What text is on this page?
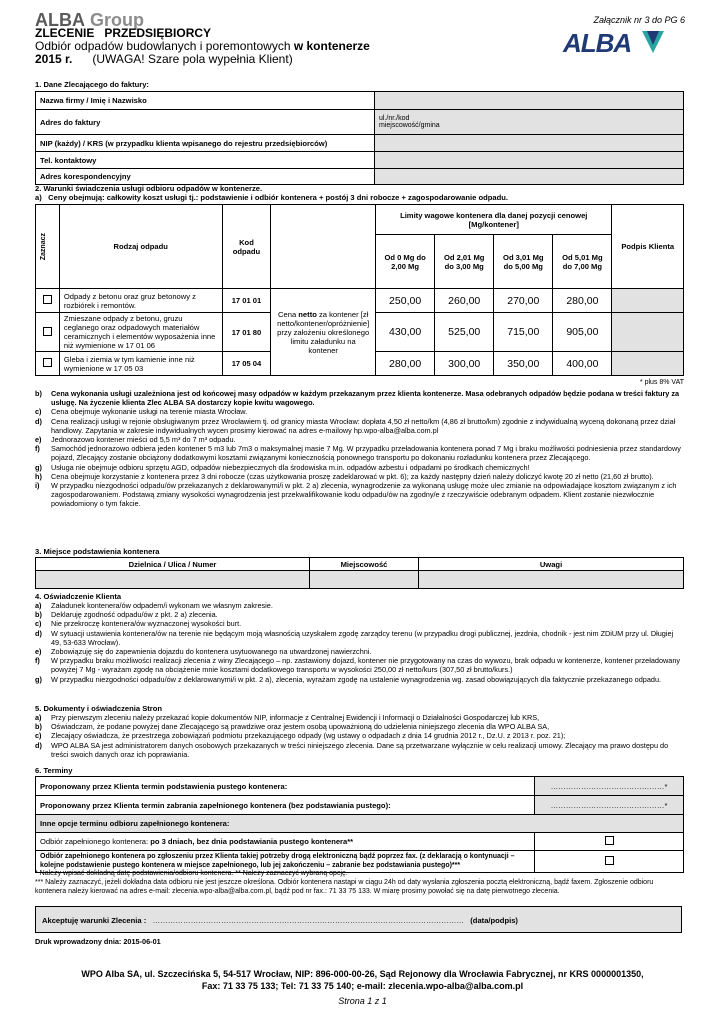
ALBA Group	Załącznik nr 3 do PG 6
ZLECENIE PRZEDSIĘBIORCY
Odbiór odpadów budowlanych i poremontowych w kontenerze
2015 r. (UWAGA! Szare pola wypełnia Klient)
ALBA
1. Dane Zlecającego do faktury:
Nazwa firmy / Imię i Nazwisko	
Adres do faktury	ul./nr./kod
miejscowość/gmina

NIP (każdy) / KRS (w przypadku klienta wpisanego do rejestru przedsiębiorców)	
Tel. kontaktowy	
Adres korespondencyjny	
2. Warunki świadczenia usługi odbioru odpadów w kontenerze.
a) Ceny obejmują: całkowity koszt usługi tj.: podstawienie i odbiór kontenera + postój 3 dni robocze + zagospodarowanie odpadu.
Zaznacz	Rodzaj odpadu	Kod odpadu		Limity wagowe kontenera dla danej pozycji cenowej [Mg/kontener]				Podpis Klienta
				Od 0 Mg do 2,00 Mg	Od 2,01 Mg do 3,00 Mg	Od 3,01 Mg do 5,00 Mg	Od 5,01 Mg do 7,00 Mg	
	Odpady z betonu oraz gruz betonowy z rozbiórek i remontów.	17 01 01	Cena netto za kontener [zł netto/kontener/opróżnienie] przy założeniu określonego limitu załadunku na kontener	250,00	260,00	270,00	280,00	
	Zmieszane odpady z betonu, gruzu ceglanego oraz odpadowych materiałów ceramicznych i elementów wyposażenia inne niż wymienione w 17 01 06	17 01 80		430,00	525,00	715,00	905,00	
	Gleba i ziemia w tym kamienie inne niż wymienione w 17 05 03	17 05 04		280,00	300,00	350,00	400,00	
* plus 8% VAT
b)	Cena wykonania usługi uzależniona jest od końcowej masy odpadów w każdym przekazanym przez klienta kontenerze. Masa odebranych odpadów będzie podana w treści faktury za usługę. Na życzenie klienta Zlec ALBA SA dostarczy kopie kwitu wagowego.
c)	Cena obejmuje wykonanie usługi na terenie miasta Wrocław.
d)	Cena realizacji usługi w rejonie obsługiwanym przez Wrocławiem tj. od granicy miasta Wrocław: dopłata 4,50 zł netto/km (4,86 zł brutto/km) zgodnie z indywidualną wyceną dokonaną przez dział handlowy. Zapytania w zakresie indywidualnych wycen prosimy kierować na adres e-mailowy hp.wpo-alba@alba.com.pl
e)	Jednorazowo kontener mieści od 5,5 m³ do 7 m³ odpadu.
f)	Samochód jednorazowo odbiera jeden kontener 5 m3 lub 7m3 o maksymalnej masie 7 Mg. W przypadku przeładowania kontenera ponad 7 Mg i braku możliwości podniesienia przez standardowy pojazd, Zlecający zostanie obciążony dodatkowymi kosztami związanymi koniecznością ponownego transportu po dokonaniu rozładunku kontenera przez Zlecającego.
g)	Usługa nie obejmuje odbioru sprzętu AGD, odpadów niebezpiecznych dla środowiska m.in. odpadów azbestu i odpadami po środkach chemicznych!
h)	Cena obejmuje korzystanie z kontenera przez 3 dni robocze (czas użytkowania proszę zadeklarować w pkt. 6); za każdy następny dzień należy doliczyć kwotę 20 zł netto (21,60 zł brutto).
i)	W przypadku niezgodności odpadu/ów przekazanych z deklarowanymi/i w pkt. 2 a) zlecenia, wynagrodzenie za wykonaną usługę może ulec zmianie na odpowiadające kosztom związanym z ich zagospodarowaniem. Podstawą zmiany wysokości wynagrodzenia jest przekwalifikowanie kodu odpadu/ów na zgodny/e z rzeczywiście odebranym odpadem. Klient zostanie niezwłocznie powiadomiony o tym fakcie.
3. Miejsce podstawienia kontenera
Dzielnica / Ulica / Numer	Miejscowość	Uwagi

4. Oświadczenie Klienta
a)	Załadunek kontenera/ów odpadem/i wykonam we własnym zakresie.
b)	Deklaruję zgodność odpadu/ów z pkt. 2 a) zlecenia.
c)	Nie przekroczę kontenera/ów wyznaczonej wysokości burt.
d)	W sytuacji ustawienia kontenera/ów na terenie nie będącym moją własnością uzyskałem zgodę zarządcy terenu (w przypadku drogi publicznej, jezdnia, chodnik - jest nim ZDiUM przy ul. Długiej 49, 53-633 Wrocław).
e)	Zobowiązuję się do zapewnienia dojazdu do kontenera usytuowanego na utwardzonej nawierzchni.
f)	W przypadku braku możliwości realizacji zlecenia z winy Zlecającego – np. zastawiony dojazd, kontener nie przygotowany na czas do wywozu, brak odpadu w kontenerze, kontener przeładowany powyżej 7 Mg - wyrażam zgodę na obciążenie mnie kosztami dodatkowego transportu w wysokości 250,00 zł netto/kurs (307,50 zł brutto/kurs.)
g)	W przypadku niezgodności odpadu/ów z deklarowanymi/i w pkt. 2 a), zlecenia, wyrażam zgodę na ustalenie wynagrodzenia wg. zasad obowiązujących dla faktycznie przekazanego odpadu.
5. Dokumenty i oświadczenia Stron
a)	Przy pierwszym zleceniu należy przekazać kopie dokumentów NIP, informacje z Centralnej Ewidencji i Informacji o Działalności Gospodarczej lub KRS,
b)	Oświadczam, że podane powyżej dane Zlecającego są prawdziwe oraz jestem osobą upoważnioną do udzielenia niniejszego zlecenia dla WPO ALBA SA,
c)	Zlecający oświadcza, że przestrzega zobowiązań podmiotu przekazującego odpady (wg ustawy o odpadach z dnia 14 grudnia 2012 r., Dz.U. z 2013 r. poz. 21);
d)	WPO ALBA SA jest administratorem danych osobowych przekazanych w treści niniejszego zlecenia. Dane są przetwarzane wyłącznie w celu realizacji umowy. Zlecający ma prawo dostępu do treści swoich danych oraz ich poprawiania.
6. Terminy
Proponowany przez Klienta termin podstawienia pustego kontenera:	………………………………………*
Proponowany przez Klienta termin zabrania zapełnionego kontenera (bez podstawiania pustego):	………………………………………*
Inne opcje terminu odbioru zapełnionego kontenera:	
Odbiór zapełnionego kontenera: po 3 dniach, bez dnia podstawiania pustego kontenera**	
Odbiór zapełnionego kontenera po zgłoszeniu przez Klienta takiej potrzeby drogą elektroniczną bądź poprzez fax. (z deklaracją o kontynuacji – kolejne podstawienie pustego kontenera w miejsce zapełnionego, lub jej zakończeniu – zabranie bez podstawiania pustego)***	
* Należy wpisać dokładną datę podstawienia/odbioru kontenera. ** Należy zaznaczyć wybraną opcję.
*** Należy zaznaczyć, jeżeli dokładna data odbioru nie jest jeszcze określona. Odbiór kontenera nastąpi w ciągu 24h od daty wysłania zgłoszenia pocztą elektroniczną, bądź faxem. Zgłoszenie odbioru kontenera należy kierować na adres e-mail: zlecenia.wpo-alba@alba.com.pl, bądź pod nr fax.: 71 33 75 133. W miarę prosimy powołać się na datę pierwotnego zlecenia.
Akceptuję warunki Zlecenia : …………………………………………………………………………………………………………… (data/podpis)
Druk wprowadzony dnia: 2015-06-01
WPO Alba SA, ul. Szczecińska 5, 54-517 Wrocław, NIP: 896-000-00-26, Sąd Rejonowy dla Wrocławia Fabrycznej, nr KRS 0000001350,
Fax: 71 33 75 133; Tel: 71 33 75 140; e-mail: zlecenia.wpo-alba@alba.com.pl
Strona 1 z 1
